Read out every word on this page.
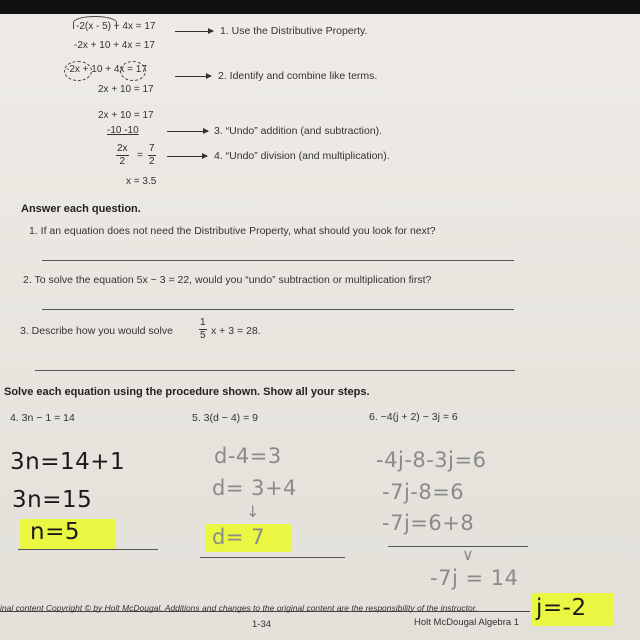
-2(x - 5) + 4x = 17	1. Use the Distributive Property.
-2x + 10 + 4x = 17
-2x + 10 + 4x = 17
2. Identify and combine like terms.
2x + 10 = 17
2x + 10 = 17
-10 -10	3. “Undo” addition (and subtraction).
$\frac{2x}{2} = \frac{7}{2}$	4. “Undo” division (and multiplication).
x = 3.5
Answer each question.
1. If an equation does not need the Distributive Property, what should you look for next?
2. To solve the equation 5x − 3 = 22, would you “undo” subtraction or multiplication first?
3. Describe how you would solve	$\frac{1}{5}$ x + 3 = 28.
Solve each equation using the procedure shown. Show all your steps.
4. 3n − 1 = 14	5. 3(d − 4) = 9	6. −4(j + 2) − 3j = 6
3n=14+1
3n=15
n=5
d-4=3
d= 3+4
↓
d= 7
-4j-8-3j=6
-7j-8=6
-7j=6+8
∨
-7j = 14
j=-2
inal content Copyright © by Holt McDougal. Additions and changes to the original content are the responsibility of the instructor.
1-34	Holt McDougal Algebra 1
